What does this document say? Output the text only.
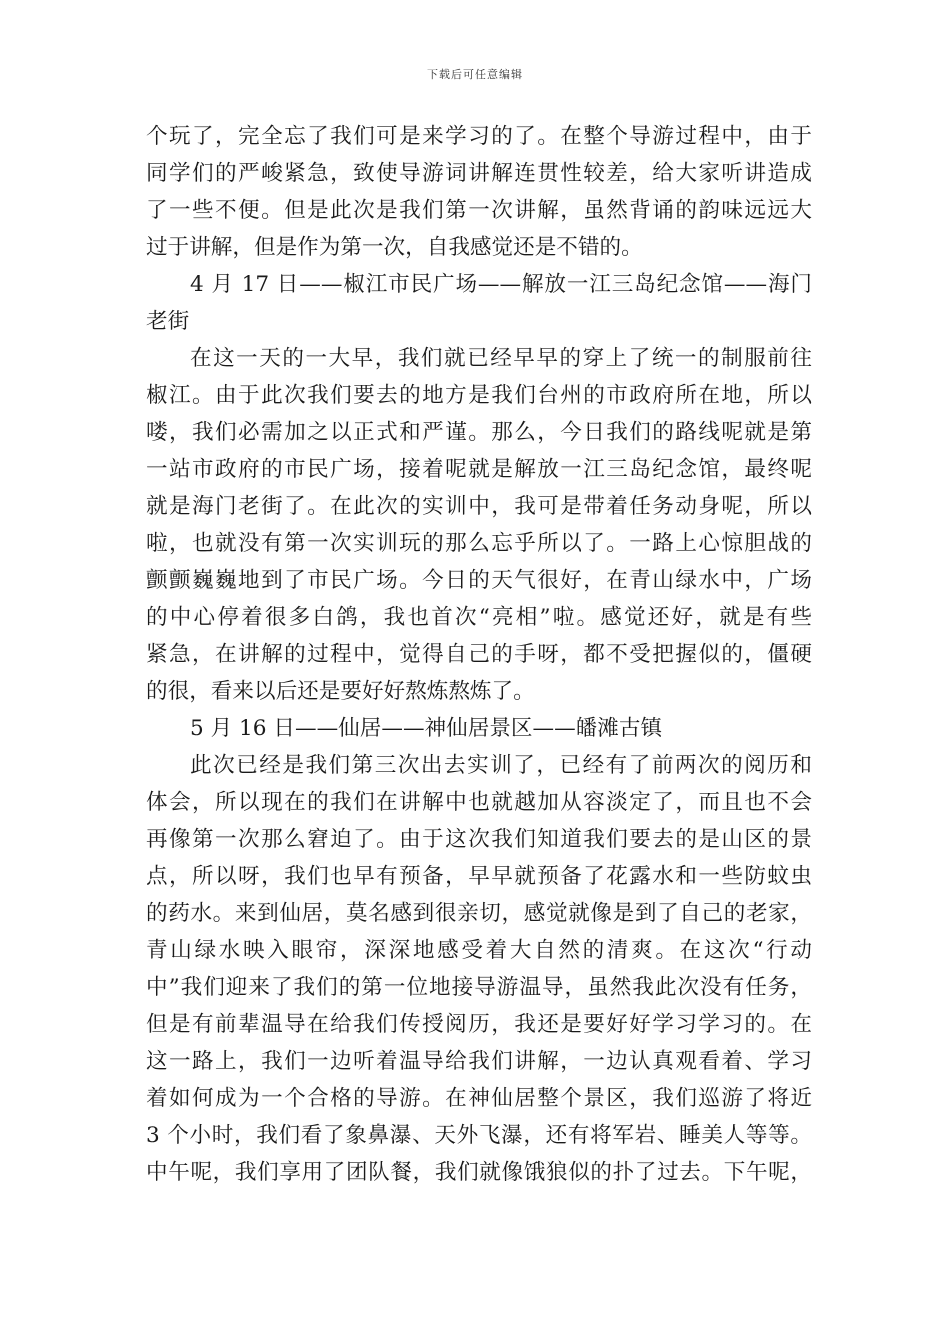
下载后可任意编辑
个玩了，完全忘了我们可是来学习的了。在整个导游过程中，由于
同学们的严峻紧急，致使导游词讲解连贯性较差，给大家听讲造成
了一些不便。但是此次是我们第一次讲解，虽然背诵的韵味远远大
过于讲解，但是作为第一次，自我感觉还是不错的。
4 月 17 日——椒江市民广场——解放一江三岛纪念馆——海门
老街
在这一天的一大早，我们就已经早早的穿上了统一的制服前往
椒江。由于此次我们要去的地方是我们台州的市政府所在地，所以
喽，我们必需加之以正式和严谨。那么，今日我们的路线呢就是第
一站市政府的市民广场，接着呢就是解放一江三岛纪念馆，最终呢
就是海门老街了。在此次的实训中，我可是带着任务动身呢，所以
啦，也就没有第一次实训玩的那么忘乎所以了。一路上心惊胆战的
颤颤巍巍地到了市民广场。今日的天气很好，在青山绿水中，广场
的中心停着很多白鸽，我也首次“亮相”啦。感觉还好，就是有些
紧急，在讲解的过程中，觉得自己的手呀，都不受把握似的，僵硬
的很，看来以后还是要好好熬炼熬炼了。
5 月 16 日——仙居——神仙居景区——皤滩古镇
此次已经是我们第三次出去实训了，已经有了前两次的阅历和
体会，所以现在的我们在讲解中也就越加从容淡定了，而且也不会
再像第一次那么窘迫了。由于这次我们知道我们要去的是山区的景
点，所以呀，我们也早有预备，早早就预备了花露水和一些防蚊虫
的药水。来到仙居，莫名感到很亲切，感觉就像是到了自己的老家，
青山绿水映入眼帘，深深地感受着大自然的清爽。在这次“行动
中”我们迎来了我们的第一位地接导游温导，虽然我此次没有任务，
但是有前辈温导在给我们传授阅历，我还是要好好学习学习的。在
这一路上，我们一边听着温导给我们讲解，一边认真观看着、学习
着如何成为一个合格的导游。在神仙居整个景区，我们巡游了将近
3 个小时，我们看了象鼻瀑、天外飞瀑，还有将军岩、睡美人等等。
中午呢，我们享用了团队餐，我们就像饿狼似的扑了过去。下午呢，
